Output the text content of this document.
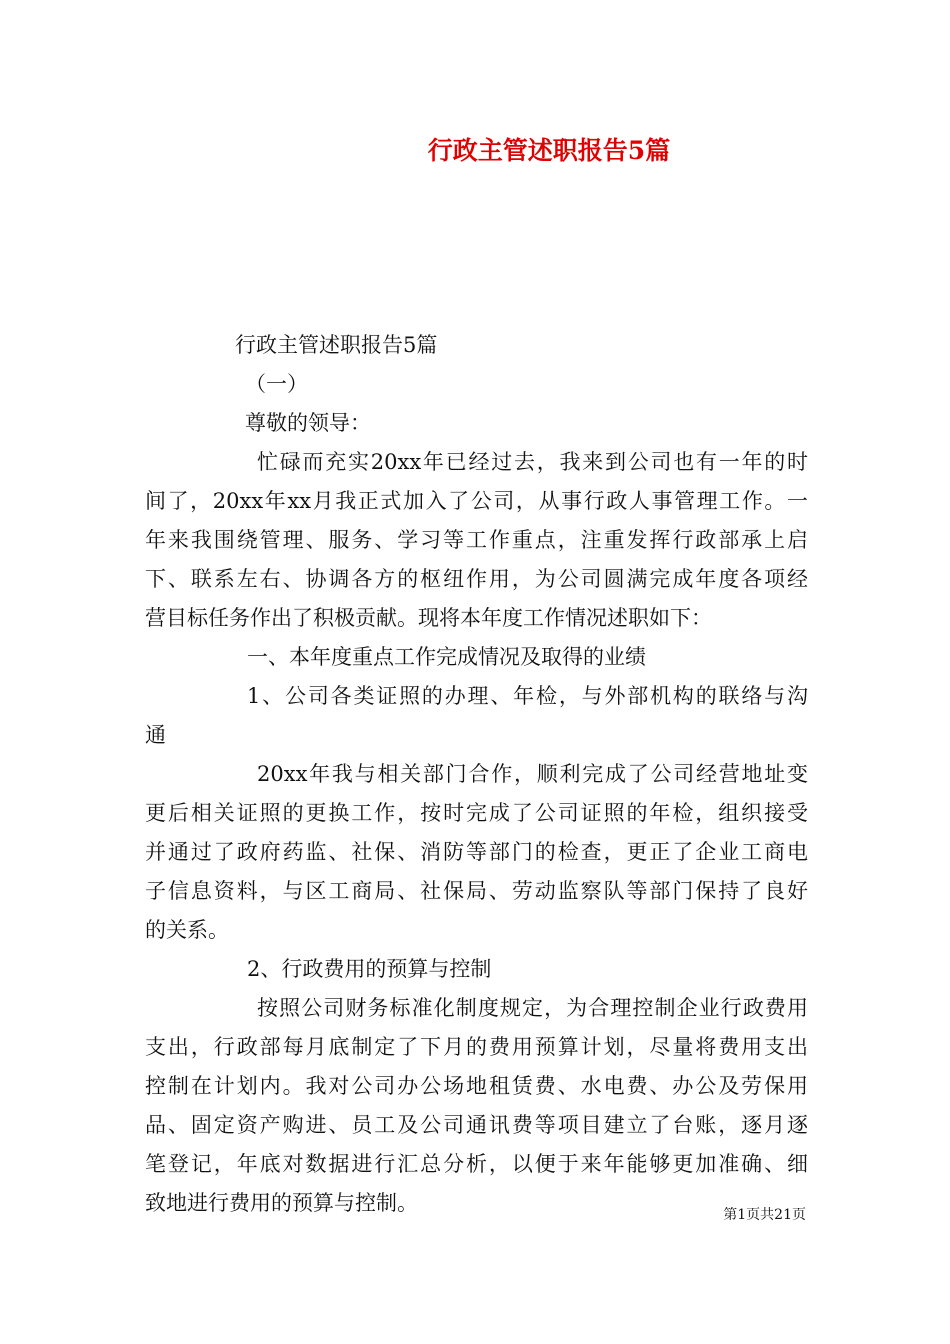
行政主管述职报告5篇
行政主管述职报告5篇
（一）
尊敬的领导：
忙碌而充实20xx年已经过去，我来到公司也有一年的时
间了，20xx年xx月我正式加入了公司，从事行政人事管理工作。一
年来我围绕管理、服务、学习等工作重点，注重发挥行政部承上启
下、联系左右、协调各方的枢纽作用，为公司圆满完成年度各项经
营目标任务作出了积极贡献。现将本年度工作情况述职如下：
一、本年度重点工作完成情况及取得的业绩
1、公司各类证照的办理、年检，与外部机构的联络与沟
通
20xx年我与相关部门合作，顺利完成了公司经营地址变
更后相关证照的更换工作，按时完成了公司证照的年检，组织接受
并通过了政府药监、社保、消防等部门的检查，更正了企业工商电
子信息资料，与区工商局、社保局、劳动监察队等部门保持了良好
的关系。
2、行政费用的预算与控制
按照公司财务标准化制度规定，为合理控制企业行政费用
支出，行政部每月底制定了下月的费用预算计划，尽量将费用支出
控制在计划内。我对公司办公场地租赁费、水电费、办公及劳保用
品、固定资产购进、员工及公司通讯费等项目建立了台账，逐月逐
笔登记，年底对数据进行汇总分析，以便于来年能够更加准确、细
致地进行费用的预算与控制。	第1页共21页
